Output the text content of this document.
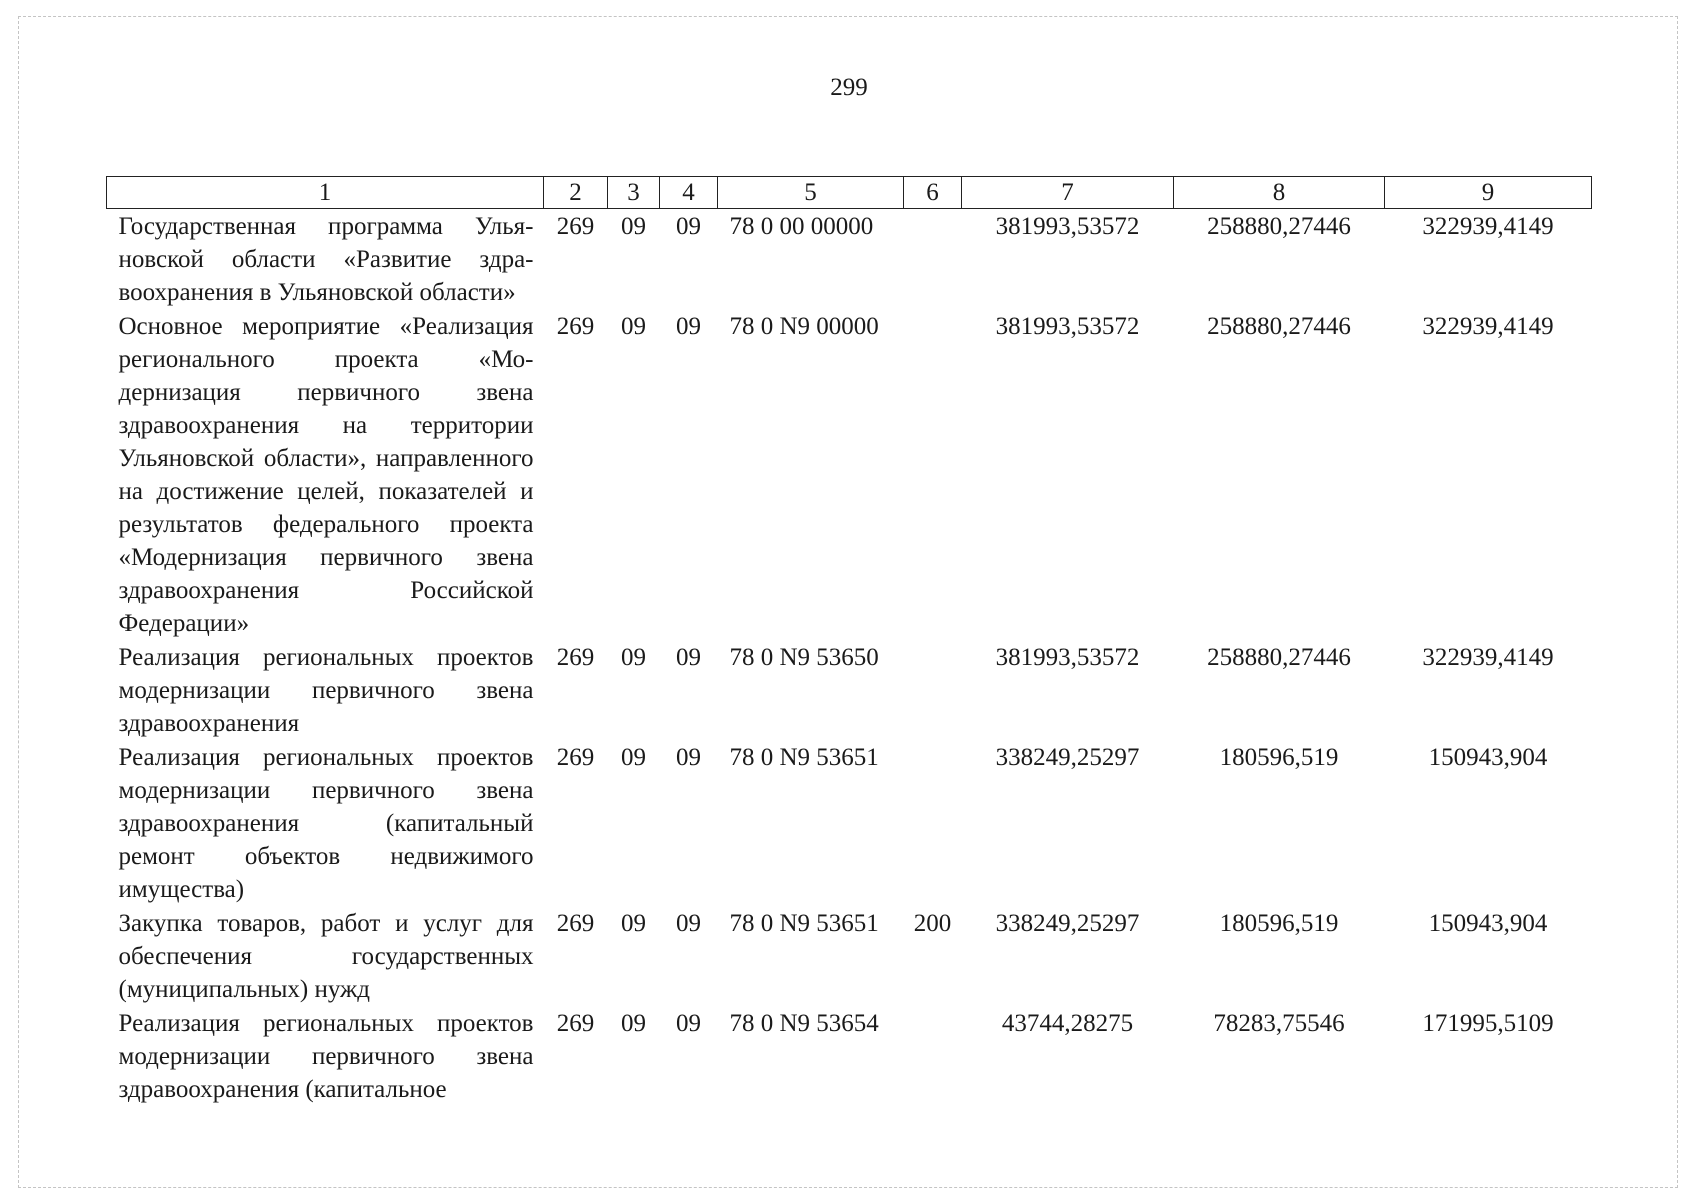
299
1	2	3	4	5	6	7	8	9
Государственная программа Ульяновской области «Развитие здравоохранения в Ульяновской области»	269	09	09	78 0 00 00000		381993,53572	258880,27446	322939,4149
Основное мероприятие «Реализация регионального проекта «Модернизация первичного звена здравоохранения на территории Ульяновской области», направленного на достижение целей, показателей и результатов федерального проекта «Модернизация первичного звена здравоохранения Российской Федерации»	269	09	09	78 0 N9 00000		381993,53572	258880,27446	322939,4149
Реализация региональных проектов модернизации первичного звена здравоохранения	269	09	09	78 0 N9 53650		381993,53572	258880,27446	322939,4149
Реализация региональных проектов модернизации первичного звена здравоохранения (капитальный ремонт объектов недвижимого имущества)	269	09	09	78 0 N9 53651		338249,25297	180596,519	150943,904
Закупка товаров, работ и услуг для обеспечения государственных (муниципальных) нужд	269	09	09	78 0 N9 53651	200	338249,25297	180596,519	150943,904
Реализация региональных проектов модернизации первичного звена здравоохранения (капитальное	269	09	09	78 0 N9 53654		43744,28275	78283,75546	171995,5109
